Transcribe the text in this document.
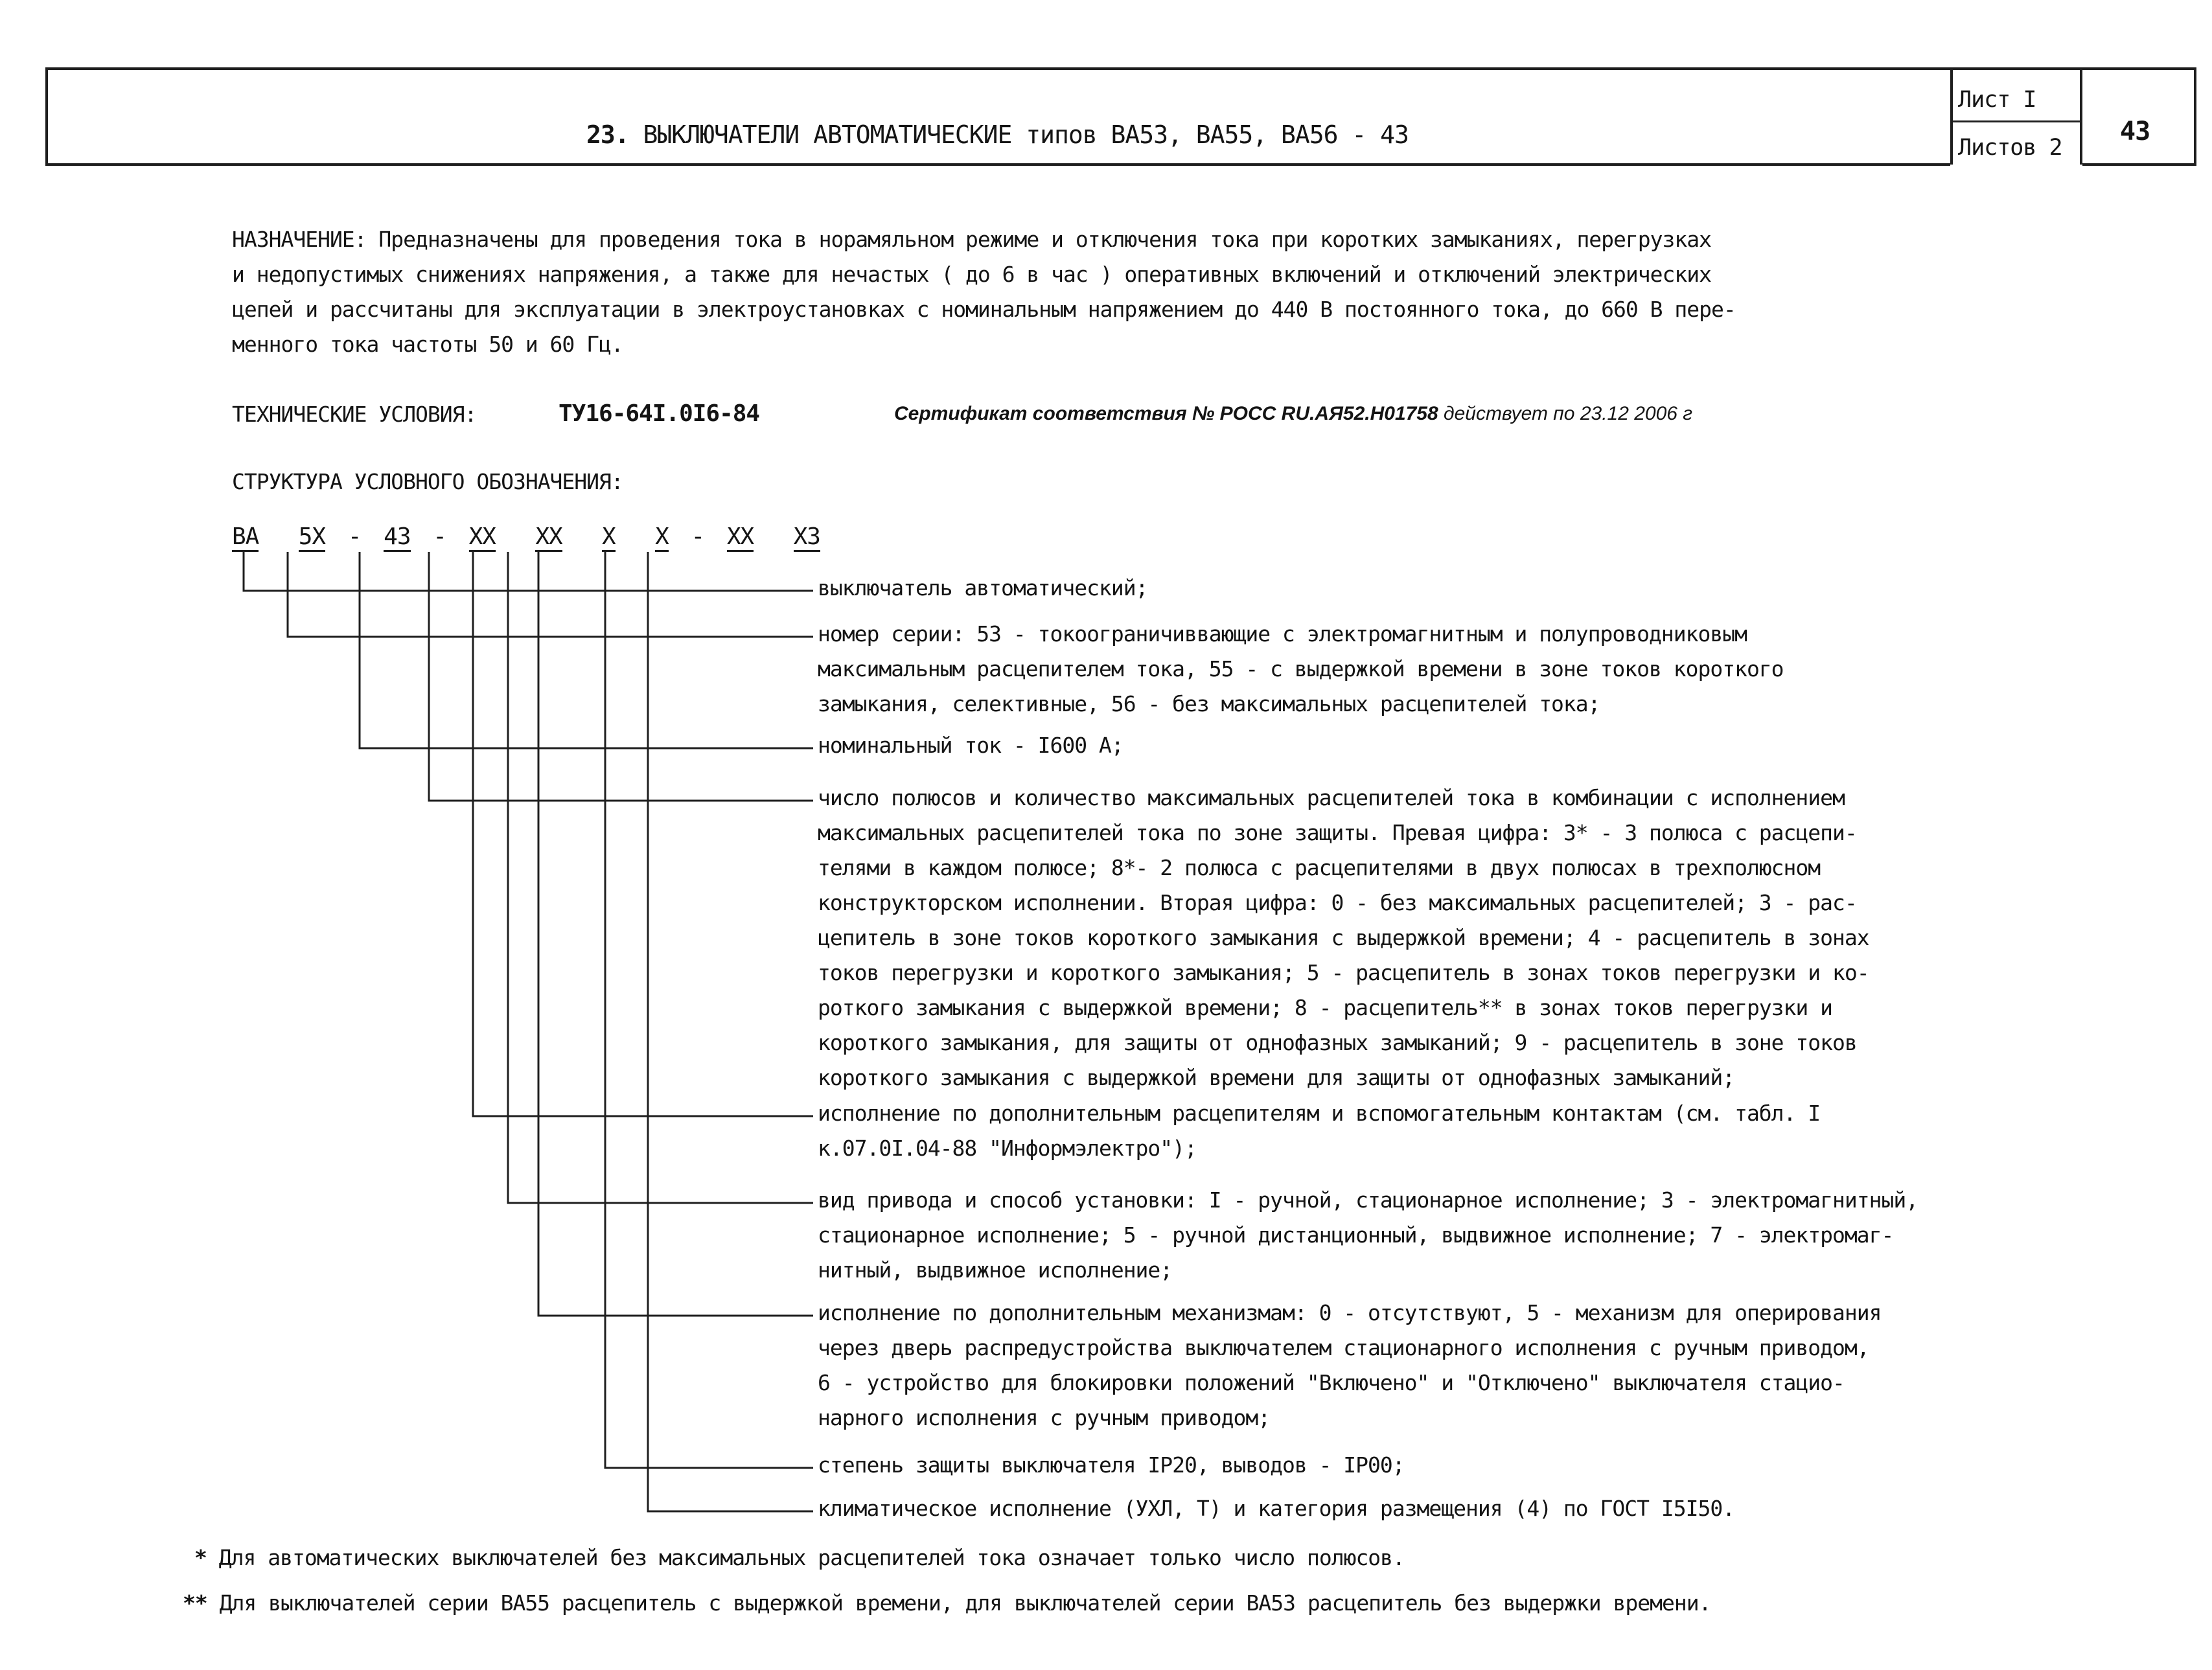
23. ВЫКЛЮЧАТЕЛИ АВТОМАТИЧЕСКИЕ типов ВА53, ВА55, ВА56 - 43
Лист I
Листов 2
43
НАЗНАЧЕНИЕ: Предназначены для проведения тока в норамяльном режиме и отключения тока при коротких замыканиях, перегрузках
и недопустимых снижениях напряжения, а также для нечастых ( до 6 в час ) оперативных включений и отключений электрических
цепей и рассчитаны для эксплуатации в электроустановках с номинальным напряжением до 440 В постоянного тока, до 660 В пере-
менного тока частоты 50 и 60 Гц.
ТЕХНИЧЕСКИЕ УСЛОВИЯ:	ТУ16-64I.0I6-84	Сертификат соответствия № РОСС RU.АЯ52.Н01758 действует по 23.12 2006 г
СТРУКТУРА УСЛОВНОГО ОБОЗНАЧЕНИЯ:
ВА 5Х - 43 - ХХ ХХ Х Х - ХХ Х3
выключатель автоматический;
номер серии: 53 - токоограничиввающие с электромагнитным и полупроводниковым
максимальным расцепителем тока, 55 - с выдержкой времени в зоне токов короткого
замыкания, селективные, 56 - без максимальных расцепителей тока;
номинальный ток - I600 А;
число полюсов и количество максимальных расцепителей тока в комбинации с исполнением
максимальных расцепителей тока по зоне защиты. Превая цифра: 3* - 3 полюса с расцепи-
телями в каждом полюсе; 8*- 2 полюса с расцепителями в двух полюсах в трехполюсном
конструкторском исполнении. Вторая цифра: 0 - без максимальных расцепителей; 3 - рас-
цепитель в зоне токов короткого замыкания с выдержкой времени; 4 - расцепитель в зонах
токов перегрузки и короткого замыкания; 5 - расцепитель в зонах токов перегрузки и ко-
роткого замыкания с выдержкой времени; 8 - расцепитель** в зонах токов перегрузки и
короткого замыкания, для защиты от однофазных замыканий; 9 - расцепитель в зоне токов
короткого замыкания с выдержкой времени для защиты от однофазных замыканий;
исполнение по дополнительным расцепителям и вспомогательным контактам (см. табл. I
к.07.0I.04-88 "Информэлектро");
вид привода и способ установки: I - ручной, стационарное исполнение; 3 - электромагнитный,
стационарное исполнение; 5 - ручной дистанционный, выдвижное исполнение; 7 - электромаг-
нитный, выдвижное исполнение;
исполнение по дополнительным механизмам: 0 - отсутствуют, 5 - механизм для оперирования
через дверь распредустройства выключателем стационарного исполнения с ручным приводом,
6 - устройство для блокировки положений "Включено" и "Отключено" выключателя стацио-
нарного исполнения с ручным приводом;
степень защиты выключателя IP20, выводов - IP00;
климатическое исполнение (УХЛ, Т) и категория размещения (4) по ГОСТ I5I50.
* Для автоматических выключателей без максимальных расцепителей тока означает только число полюсов.
** Для выключателей серии ВА55 расцепитель с выдержкой времени, для выключателей серии ВА53 расцепитель без выдержки времени.
